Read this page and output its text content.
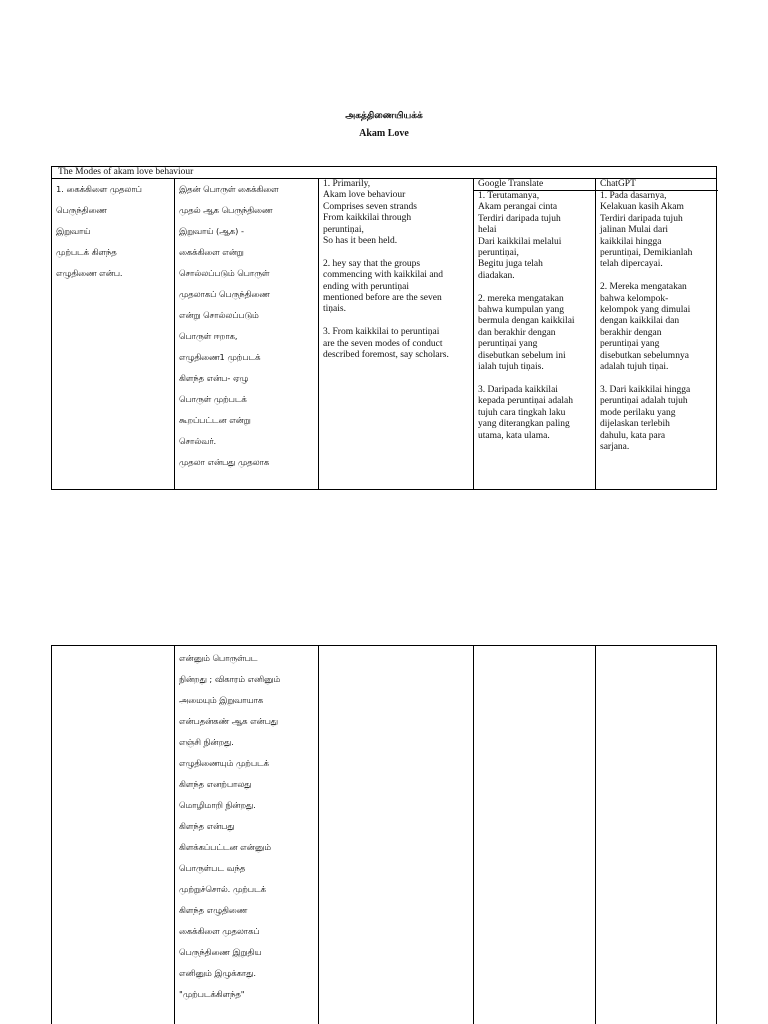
அகத்திணையியக்க்
Akam Love
The Modes of akam love behaviour
1. கைக்கிளை முதலாப்
பெருந்திணை
இறுவாய்
முற்படக் கிளந்த
எழுதிணை என்ப.
இதன் பொருள் கைக்கிளை
முதல் ஆக பெருந்திணை
இறுவாய் (ஆக) -
கைக்கிளை என்று
சொல்லப்படும் பொருள்
முதலாகப் பெருந்திணை
என்று சொல்லப்படும்
பொருள் ஈறாக,
எழுதிணை1 முற்படக்
கிளந்த என்ப- ஏழு
பொருள் முற்படக்
கூறப்பட்டன என்று
சொல்வர்.
முதலா என்பது முதலாக

1. Primarily,
Akam love behaviour
Comprises seven strands
From kaikkilai through
peruntiṇai,
So has it been held.

2. hey say that the groups
commencing with kaikkilai and
ending with peruntiṇai
mentioned before are the seven
tiṇais.

3. From kaikkilai to peruntiṇai
are the seven modes of conduct
described foremost, say scholars.

Google Translate

1. Terutamanya,
Akam perangai cinta
Terdiri daripada tujuh
helai
Dari kaikkilai melalui
peruntiṇai,
Begitu juga telah
diadakan.

2. mereka mengatakan
bahwa kumpulan yang
bermula dengan kaikkilai
dan berakhir dengan
peruntiṇai yang
disebutkan sebelum ini
ialah tujuh tiṇais.

3. Daripada kaikkilai
kepada peruntiṇai adalah
tujuh cara tingkah laku
yang diterangkan paling
utama, kata ulama.

ChatGPT

1. Pada dasarnya,
Kelakuan kasih Akam
Terdiri daripada tujuh
jalinan Mulai dari
kaikkilai hingga
peruntiṇai, Demikianlah
telah dipercayai.

2. Mereka mengatakan
bahwa kelompok-
kelompok yang dimulai
dengan kaikkilai dan
berakhir dengan
peruntiṇai yang
disebutkan sebelumnya
adalah tujuh tiṇai.

3. Dari kaikkilai hingga
peruntiṇai adalah tujuh
mode perilaku yang
dijelaskan terlebih
dahulu, kata para
sarjana.

என்னும் பொருள்பட
நின்றது ; விகாரம் எனினும்
அமையும் இறுவாயாக
என்பதன்கண் ஆக என்பது
எஞ்சி நின்றது.
எழுதிணையும் முற்படக்
கிளந்த எனற்பாலது
மொழிமாறி நின்றது.
கிளந்த என்பது
கிளக்கப்பட்டன என்னும்
பொருள்பட வந்த
முற்றுச்சொல். முற்படக்
கிளந்த எழுதிணை
கைக்கிளை முதலாகப்
பெருந்திணை இறுதிய
எனினும் இழுக்காது.
"முற்படக்கிளந்த"
